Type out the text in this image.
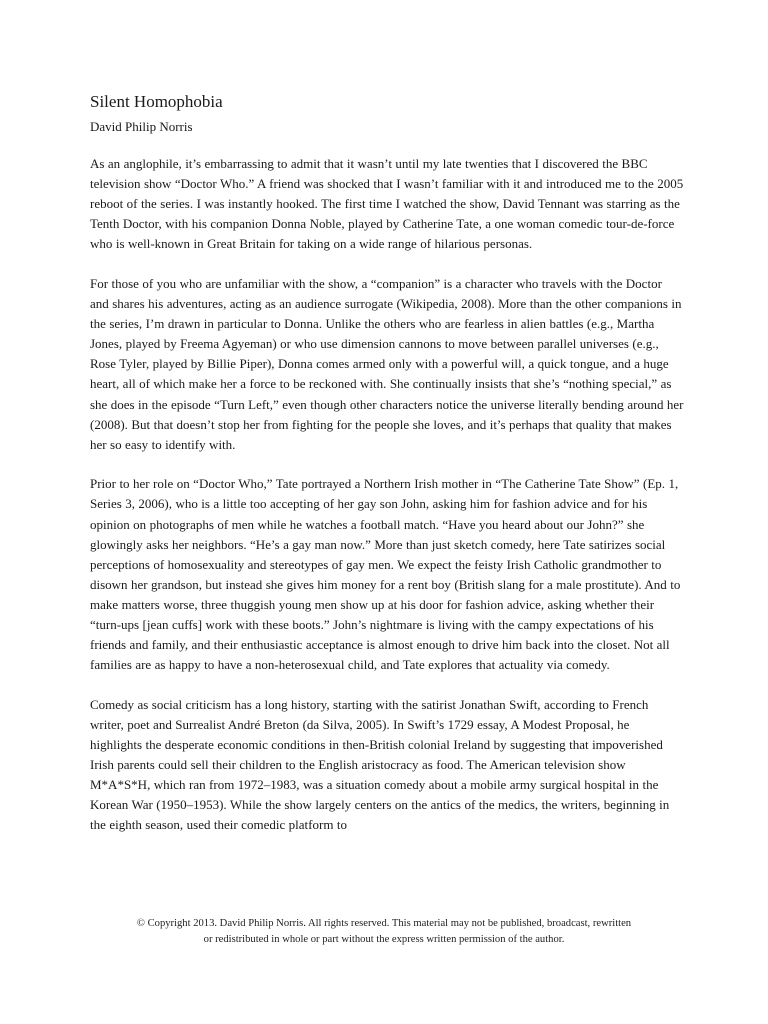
Silent Homophobia
David Philip Norris

As an anglophile, it’s embarrassing to admit that it wasn’t until my late twenties that I discovered the BBC television show “Doctor Who.” A friend was shocked that I wasn’t familiar with it and introduced me to the 2005 reboot of the series. I was instantly hooked. The first time I watched the show, David Tennant was starring as the Tenth Doctor, with his companion Donna Noble, played by Catherine Tate, a one woman comedic tour-de-force who is well-known in Great Britain for taking on a wide range of hilarious personas.

For those of you who are unfamiliar with the show, a “companion” is a character who travels with the Doctor and shares his adventures, acting as an audience surrogate (Wikipedia, 2008). More than the other companions in the series, I’m drawn in particular to Donna. Unlike the others who are fearless in alien battles (e.g., Martha Jones, played by Freema Agyeman) or who use dimension cannons to move between parallel universes (e.g., Rose Tyler, played by Billie Piper), Donna comes armed only with a powerful will, a quick tongue, and a huge heart, all of which make her a force to be reckoned with. She continually insists that she’s “nothing special,” as she does in the episode “Turn Left,” even though other characters notice the universe literally bending around her (2008). But that doesn’t stop her from fighting for the people she loves, and it’s perhaps that quality that makes her so easy to identify with.

Prior to her role on “Doctor Who,” Tate portrayed a Northern Irish mother in “The Catherine Tate Show” (Ep. 1, Series 3, 2006), who is a little too accepting of her gay son John, asking him for fashion advice and for his opinion on photographs of men while he watches a football match. “Have you heard about our John?” she glowingly asks her neighbors. “He’s a gay man now.” More than just sketch comedy, here Tate satirizes social perceptions of homosexuality and stereotypes of gay men. We expect the feisty Irish Catholic grandmother to disown her grandson, but instead she gives him money for a rent boy (British slang for a male prostitute). And to make matters worse, three thuggish young men show up at his door for fashion advice, asking whether their “turn-ups [jean cuffs] work with these boots.” John’s nightmare is living with the campy expectations of his friends and family, and their enthusiastic acceptance is almost enough to drive him back into the closet. Not all families are as happy to have a non-heterosexual child, and Tate explores that actuality via comedy.

Comedy as social criticism has a long history, starting with the satirist Jonathan Swift, according to French writer, poet and Surrealist André Breton (da Silva, 2005). In Swift’s 1729 essay, A Modest Proposal, he highlights the desperate economic conditions in then-British colonial Ireland by suggesting that impoverished Irish parents could sell their children to the English aristocracy as food. The American television show M*A*S*H, which ran from 1972–1983, was a situation comedy about a mobile army surgical hospital in the Korean War (1950–1953). While the show largely centers on the antics of the medics, the writers, beginning in the eighth season, used their comedic platform to

© Copyright 2013. David Philip Norris. All rights reserved. This material may not be published, broadcast, rewritten
or redistributed in whole or part without the express written permission of the author.
